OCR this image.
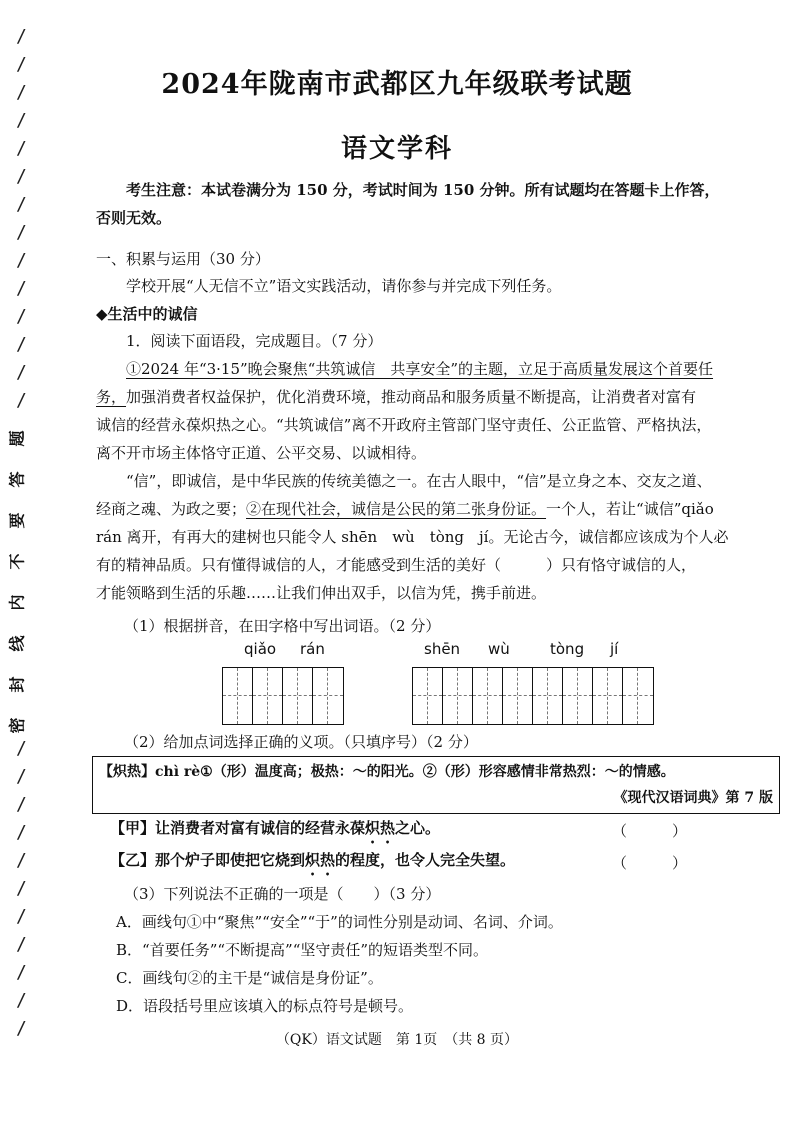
/
/
/
/
/
/
/
/
/
/
/
/
/
/
/
/
/
/
/
/
/
/
/
/
/
题
答
要
不
内
线
封
密
2024年陇南市武都区九年级联考试题
语文学科
考生注意：本试卷满分为 150 分，考试时间为 150 分钟。所有试题均在答题卡上作答，
否则无效。
一、积累与运用（30 分）
学校开展“人无信不立”语文实践活动，请你参与并完成下列任务。
◆生活中的诚信
1．阅读下面语段，完成题目。（7 分）
①2024 年“3·15”晚会聚焦“共筑诚信　共享安全”的主题，立足于高质量发展这个首要任
务，加强消费者权益保护，优化消费环境，推动商品和服务质量不断提高，让消费者对富有
诚信的经营永葆炽热之心。“共筑诚信”离不开政府主管部门坚守责任、公正监管、严格执法，
离不开市场主体恪守正道、公平交易、以诚相待。
“信”，即诚信，是中华民族的传统美德之一。在古人眼中，“信”是立身之本、交友之道、
经商之魂、为政之要；②在现代社会，诚信是公民的第二张身份证。一个人，若让“诚信”qiǎo
rán 离开，有再大的建树也只能令人 shēn　wù　tòng　jí。无论古今，诚信都应该成为个人必
有的精神品质。只有懂得诚信的人，才能感受到生活的美好（　　　）只有恪守诚信的人，
才能领略到生活的乐趣……让我们伸出双手，以信为凭，携手前进。
（1）根据拼音，在田字格中写出词语。（2 分）
qiǎo rán	shēn wù	tòng jí
（2）给加点词选择正确的义项。（只填序号）（2 分）
【炽热】chì rè①（形）温度高；极热：～的阳光。②（形）形容感情非常热烈：～的情感。
《现代汉语词典》第 7 版
【甲】让消费者对富有诚信的经营永葆炽热之心。	（　　　）
【乙】那个炉子即使把它烧到炽热的程度，也令人完全失望。	（　　　）
（3）下列说法不正确的一项是（　　）（3 分）
A．画线句①中“聚焦”“安全”“于”的词性分别是动词、名词、介词。
B．“首要任务”“不断提高”“坚守责任”的短语类型不同。
C．画线句②的主干是“诚信是身份证”。
D．语段括号里应该填入的标点符号是顿号。
（QK）语文试题　第 1页　（共 8 页）
